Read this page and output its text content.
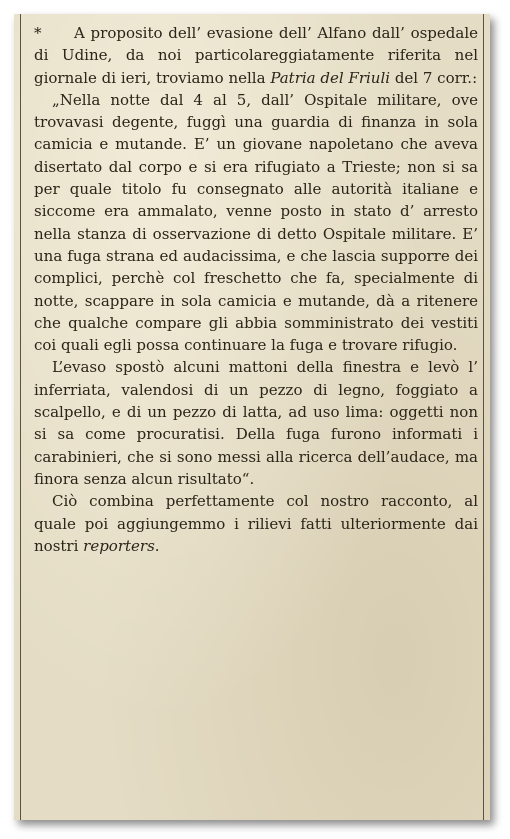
* A proposito dell’ evasione dell’ Alfano dall’ ospedale di Udine, da noi particolareggiatamente riferita nel giornale di ieri, troviamo nella Patria del Friuli del 7 corr.:

„Nella notte dal 4 al 5, dall’ Ospitale militare, ove trovavasi degente, fuggì una guardia di finanza in sola camicia e mutande. E’ un giovane napoletano che aveva disertato dal corpo e si era rifugiato a Trieste; non si sa per quale titolo fu consegnato alle autorità italiane e siccome era ammalato, venne posto in stato d’ arresto nella stanza di osservazione di detto Ospitale militare. E’ una fuga strana ed audacissima, e che lascia supporre dei complici, perchè col freschetto che fa, specialmente di notte, scappare in sola camicia e mutande, dà a ritenere che qualche compare gli abbia somministrato dei vestiti coi quali egli possa continuare la fuga e trovare rifugio.

L’evaso spostò alcuni mattoni della finestra e levò l’ inferriata, valendosi di un pezzo di legno, foggiato a scalpello, e di un pezzo di latta, ad uso lima: oggetti non si sa come procuratisi. Della fuga furono informati i carabinieri, che si sono messi alla ricerca dell’audace, ma finora senza alcun risultato“.

Ciò combina perfettamente col nostro racconto, al quale poi aggiungemmo i rilievi fatti ulteriormente dai nostri reporters.
